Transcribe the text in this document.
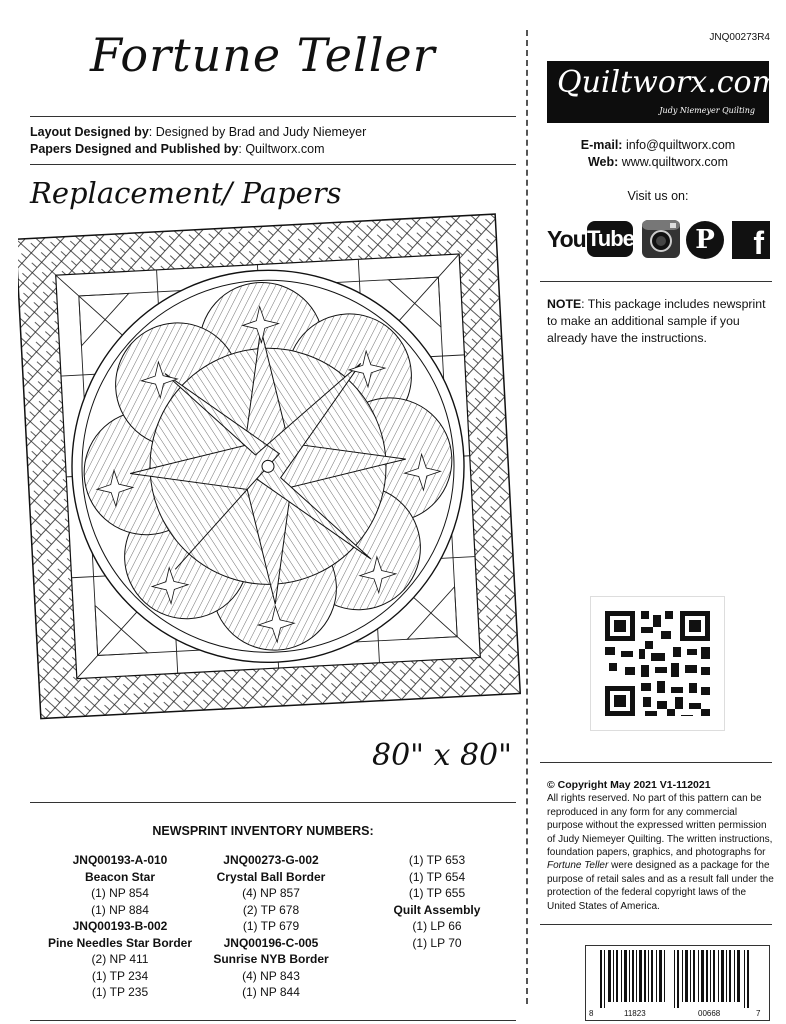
Fortune Teller
Layout Designed by: Designed by Brad and Judy Niemeyer
Papers Designed and Published by: Quiltworx.com
Replacement/ Papers
80" x 80"
NEWSPRINT INVENTORY NUMBERS:
JNQ00193-A-010
Beacon Star
(1) NP 854
(1) NP 884
JNQ00193-B-002
Pine Needles Star Border
(2) NP 411
(1) TP 234
(1) TP 235
JNQ00273-G-002
Crystal Ball Border
(4) NP 857
(2) TP 678
(1) TP 679
JNQ00196-C-005
Sunrise NYB Border
(4) NP 843
(1) NP 844
(1) TP 653
(1) TP 654
(1) TP 655
Quilt Assembly
(1) LP 66
(1) LP 70
JNQ00273R4
Quiltworx.com
Judy Niemeyer Quilting
E-mail: info@quiltworx.com
Web: www.quiltworx.com
Visit us on:
You Tube	P	f
NOTE: This package includes newsprint to make an additional sample if you already have the instructions.
© Copyright May 2021 V1-112021
All rights reserved. No part of this pattern can be reproduced in any form for any commercial purpose without the expressed written permission of Judy Niemeyer Quilting. The written instructions, foundation papers, graphics, and photographs for Fortune Teller were designed as a package for the purpose of retail sales and as a result fall under the protection of the federal copyright laws of the United States of America.
8	11823	00668	7
